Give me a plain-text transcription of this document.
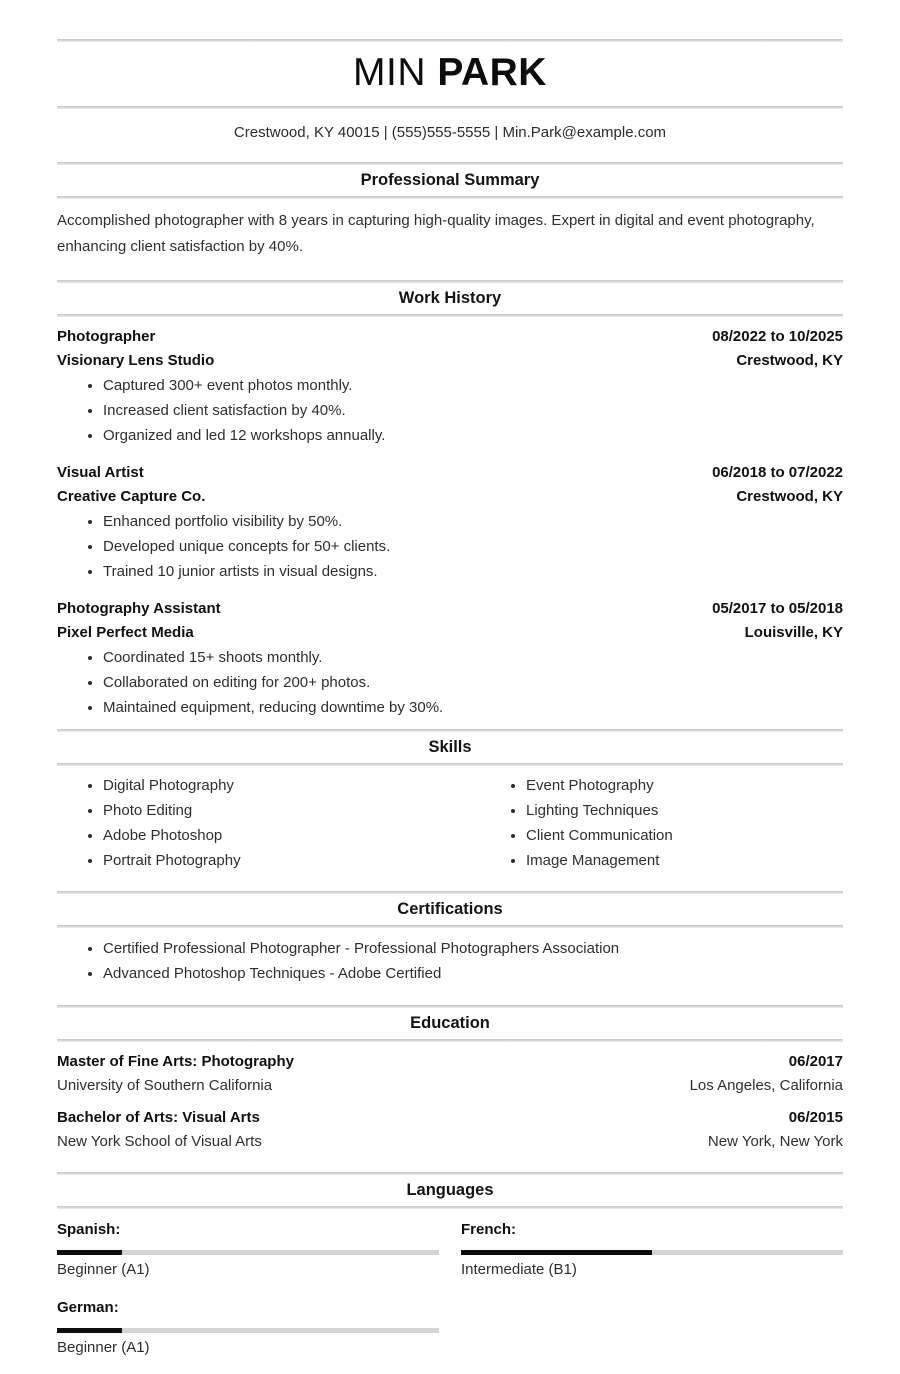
MIN PARK
Crestwood, KY 40015 | (555)555-5555 | Min.Park@example.com
Professional Summary

Accomplished photographer with 8 years in capturing high-quality images. Expert in digital and event photography, enhancing client satisfaction by 40%.

Work History
Photographer	08/2022 to 10/2025
Visionary Lens Studio	Crestwood, KY
• Captured 300+ event photos monthly.
• Increased client satisfaction by 40%.
• Organized and led 12 workshops annually.
Visual Artist	06/2018 to 07/2022
Creative Capture Co.	Crestwood, KY
• Enhanced portfolio visibility by 50%.
• Developed unique concepts for 50+ clients.
• Trained 10 junior artists in visual designs.
Photography Assistant	05/2017 to 05/2018
Pixel Perfect Media	Louisville, KY
• Coordinated 15+ shoots monthly.
• Collaborated on editing for 200+ photos.
• Maintained equipment, reducing downtime by 30%.
Skills
• Digital Photography
• Photo Editing
• Adobe Photoshop
• Portrait Photography
• Event Photography
• Lighting Techniques
• Client Communication
• Image Management
Certifications
• Certified Professional Photographer - Professional Photographers Association
• Advanced Photoshop Techniques - Adobe Certified
Education
Master of Fine Arts: Photography	06/2017
University of Southern California	Los Angeles, California
Bachelor of Arts: Visual Arts	06/2015
New York School of Visual Arts	New York, New York
Languages
Spanish:
Beginner (A1)
French:
Intermediate (B1)
German:
Beginner (A1)
